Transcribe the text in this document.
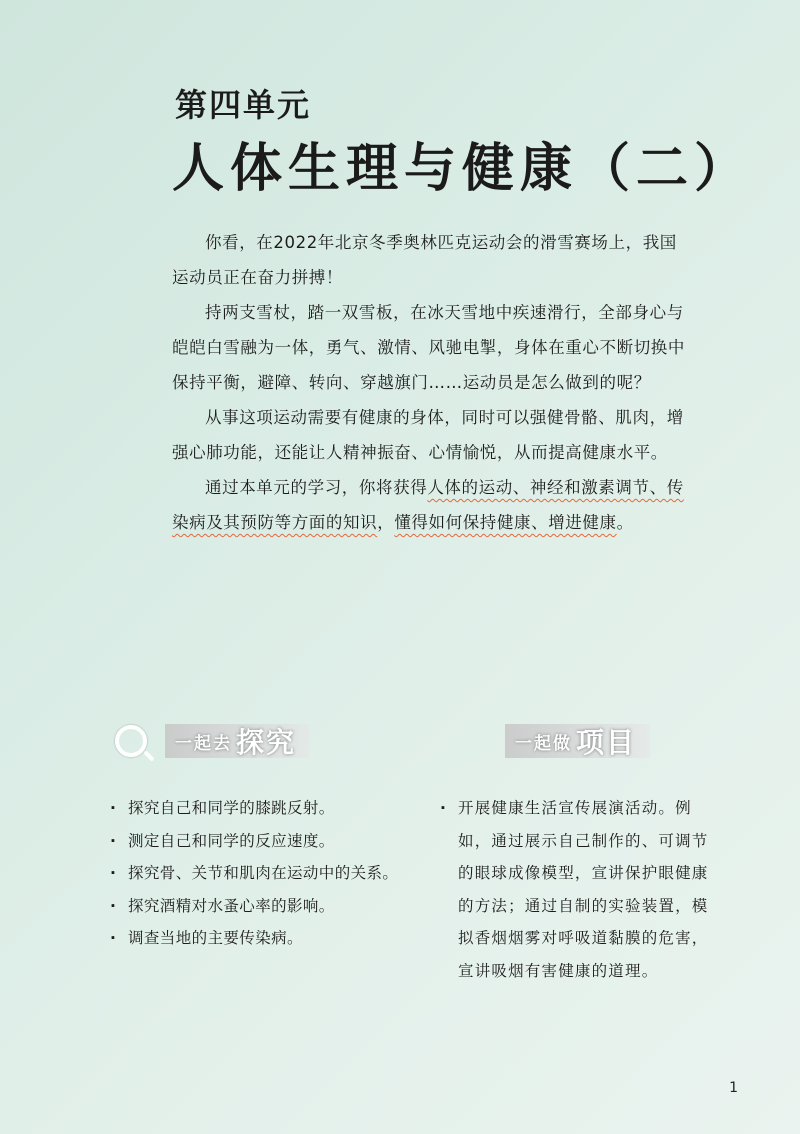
第四单元
人体生理与健康（二）

你看，在2022年北京冬季奥林匹克运动会的滑雪赛场上，我国运动员正在奋力拼搏！

持两支雪杖，踏一双雪板，在冰天雪地中疾速滑行，全部身心与皑皑白雪融为一体，勇气、激情、风驰电掣，身体在重心不断切换中保持平衡，避障、转向、穿越旗门……运动员是怎么做到的呢？

从事这项运动需要有健康的身体，同时可以强健骨骼、肌肉，增强心肺功能，还能让人精神振奋、心情愉悦，从而提高健康水平。

通过本单元的学习，你将获得人体的运动、神经和激素调节、传染病及其预防等方面的知识，懂得如何保持健康、增进健康。

一起去 探究	一起做 项目
· 探究自己和同学的膝跳反射。
· 测定自己和同学的反应速度。
· 探究骨、关节和肌肉在运动中的关系。
· 探究酒精对水蚤心率的影响。
· 调查当地的主要传染病。
· 开展健康生活宣传展演活动。例如，通过展示自己制作的、可调节的眼球成像模型，宣讲保护眼健康的方法；通过自制的实验装置，模拟香烟烟雾对呼吸道黏膜的危害，宣讲吸烟有害健康的道理。
1
